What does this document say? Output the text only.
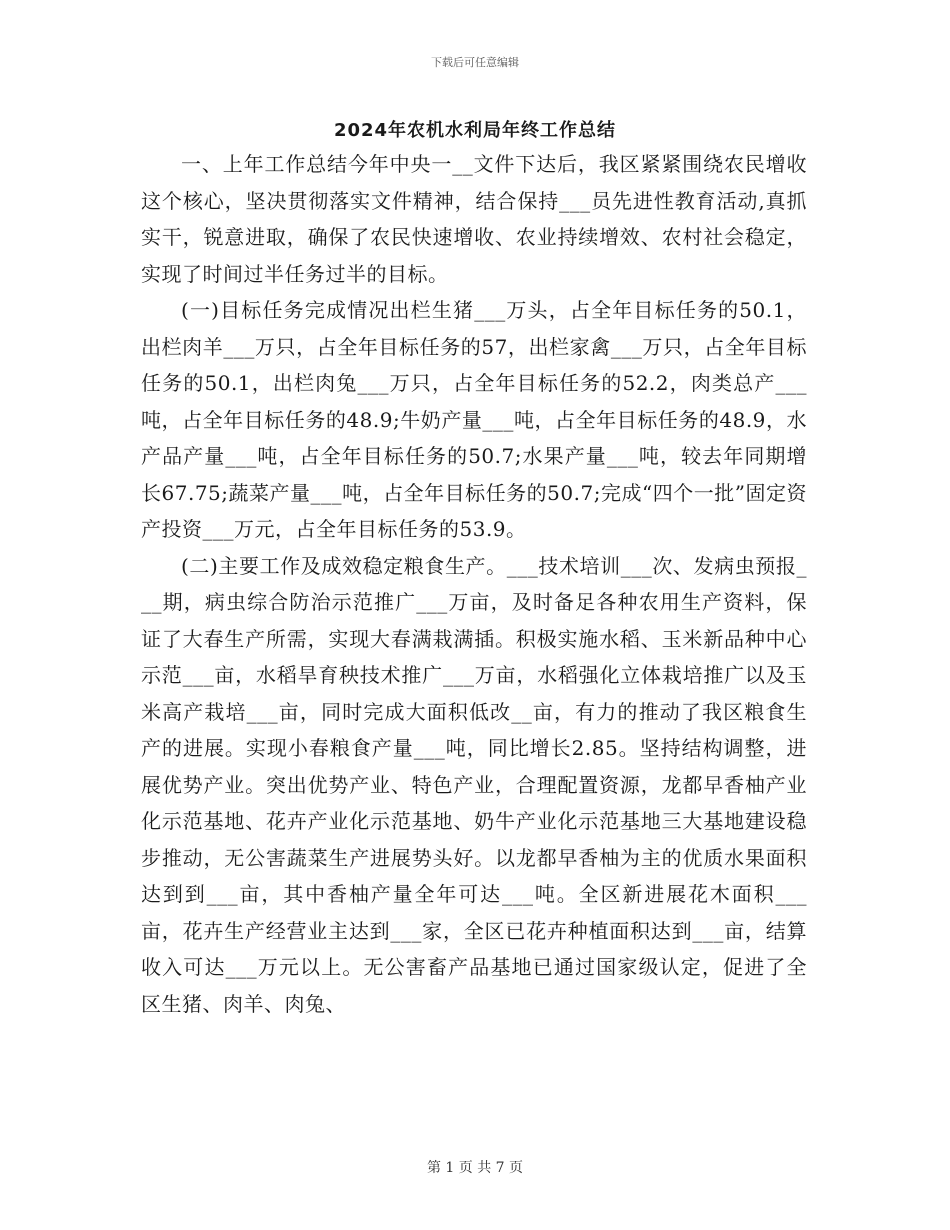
下载后可任意编辑
2024年农机水利局年终工作总结

一、上年工作总结今年中央一__文件下达后，我区紧紧围绕农民增收这个核心，坚决贯彻落实文件精神，结合保持___员先进性教育活动,真抓实干，锐意进取，确保了农民快速增收、农业持续增效、农村社会稳定，实现了时间过半任务过半的目标。

(一)目标任务完成情况出栏生猪___万头，占全年目标任务的50.1，出栏肉羊___万只，占全年目标任务的57，出栏家禽___万只，占全年目标任务的50.1，出栏肉兔___万只，占全年目标任务的52.2，肉类总产___吨，占全年目标任务的48.9;牛奶产量___吨，占全年目标任务的48.9，水产品产量___吨，占全年目标任务的50.7;水果产量___吨，较去年同期增长67.75;蔬菜产量___吨，占全年目标任务的50.7;完成“四个一批”固定资产投资___万元，占全年目标任务的53.9。

(二)主要工作及成效稳定粮食生产。___技术培训___次、发病虫预报___期，病虫综合防治示范推广___万亩，及时备足各种农用生产资料，保证了大春生产所需，实现大春满栽满插。积极实施水稻、玉米新品种中心示范___亩，水稻旱育秧技术推广___万亩，水稻强化立体栽培推广以及玉米高产栽培___亩，同时完成大面积低改__亩，有力的推动了我区粮食生产的进展。实现小春粮食产量___吨，同比增长2.85。坚持结构调整，进展优势产业。突出优势产业、特色产业，合理配置资源，龙都早香柚产业化示范基地、花卉产业化示范基地、奶牛产业化示范基地三大基地建设稳步推动，无公害蔬菜生产进展势头好。以龙都早香柚为主的优质水果面积达到到___亩，其中香柚产量全年可达___吨。全区新进展花木面积___亩，花卉生产经营业主达到___家，全区已花卉种植面积达到___亩，结算收入可达___万元以上。无公害畜产品基地已通过国家级认定，促进了全区生猪、肉羊、肉兔、

第 1 页 共 7 页
